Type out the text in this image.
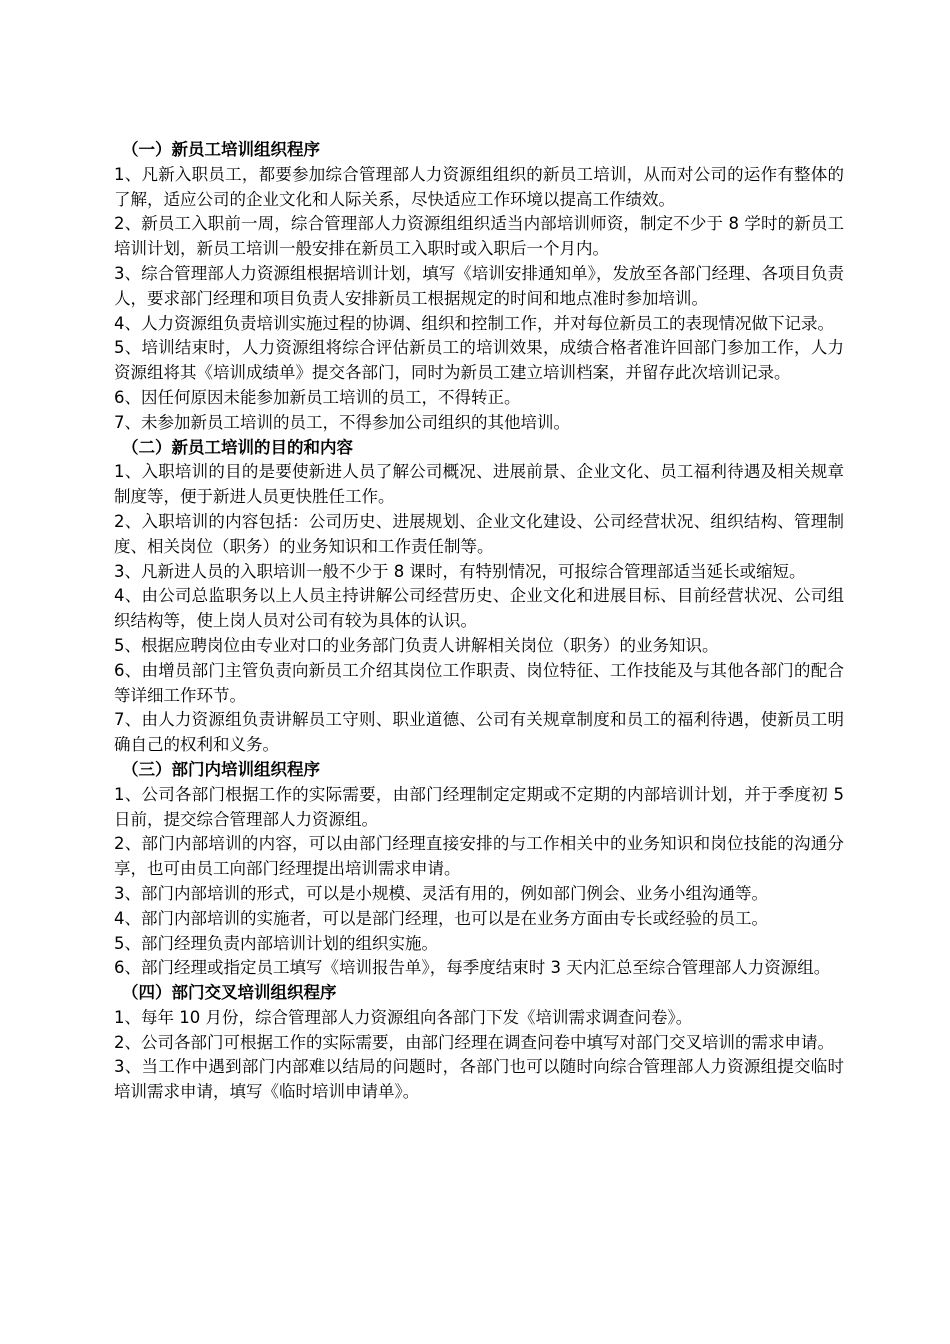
（一）新员工培训组织程序

1、凡新入职员工，都要参加综合管理部人力资源组组织的新员工培训，从而对公司的运作有整体的了解，适应公司的企业文化和人际关系，尽快适应工作环境以提高工作绩效。

2、新员工入职前一周，综合管理部人力资源组组织适当内部培训师资，制定不少于 8 学时的新员工培训计划，新员工培训一般安排在新员工入职时或入职后一个月内。

3、综合管理部人力资源组根据培训计划，填写《培训安排通知单》，发放至各部门经理、各项目负责人，要求部门经理和项目负责人安排新员工根据规定的时间和地点准时参加培训。

4、人力资源组负责培训实施过程的协调、组织和控制工作，并对每位新员工的表现情况做下记录。

5、培训结束时，人力资源组将综合评估新员工的培训效果，成绩合格者准许回部门参加工作，人力资源组将其《培训成绩单》提交各部门，同时为新员工建立培训档案，并留存此次培训记录。

6、因任何原因未能参加新员工培训的员工，不得转正。

7、未参加新员工培训的员工，不得参加公司组织的其他培训。

（二）新员工培训的目的和内容

1、入职培训的目的是要使新进人员了解公司概况、进展前景、企业文化、员工福利待遇及相关规章制度等，便于新进人员更快胜任工作。

2、入职培训的内容包括：公司历史、进展规划、企业文化建设、公司经营状况、组织结构、管理制度、相关岗位（职务）的业务知识和工作责任制等。

3、凡新进人员的入职培训一般不少于 8 课时，有特别情况，可报综合管理部适当延长或缩短。

4、由公司总监职务以上人员主持讲解公司经营历史、企业文化和进展目标、目前经营状况、公司组织结构等，使上岗人员对公司有较为具体的认识。

5、根据应聘岗位由专业对口的业务部门负责人讲解相关岗位（职务）的业务知识。

6、由增员部门主管负责向新员工介绍其岗位工作职责、岗位特征、工作技能及与其他各部门的配合等详细工作环节。

7、由人力资源组负责讲解员工守则、职业道德、公司有关规章制度和员工的福利待遇，使新员工明确自己的权利和义务。

（三）部门内培训组织程序

1、公司各部门根据工作的实际需要，由部门经理制定定期或不定期的内部培训计划，并于季度初 5 日前，提交综合管理部人力资源组。

2、部门内部培训的内容，可以由部门经理直接安排的与工作相关中的业务知识和岗位技能的沟通分享，也可由员工向部门经理提出培训需求申请。

3、部门内部培训的形式，可以是小规模、灵活有用的，例如部门例会、业务小组沟通等。

4、部门内部培训的实施者，可以是部门经理，也可以是在业务方面由专长或经验的员工。

5、部门经理负责内部培训计划的组织实施。

6、部门经理或指定员工填写《培训报告单》，每季度结束时 3 天内汇总至综合管理部人力资源组。

（四）部门交叉培训组织程序

1、每年 10 月份，综合管理部人力资源组向各部门下发《培训需求调查问卷》。

2、公司各部门可根据工作的实际需要，由部门经理在调查问卷中填写对部门交叉培训的需求申请。

3、当工作中遇到部门内部难以结局的问题时，各部门也可以随时向综合管理部人力资源组提交临时培训需求申请，填写《临时培训申请单》。
